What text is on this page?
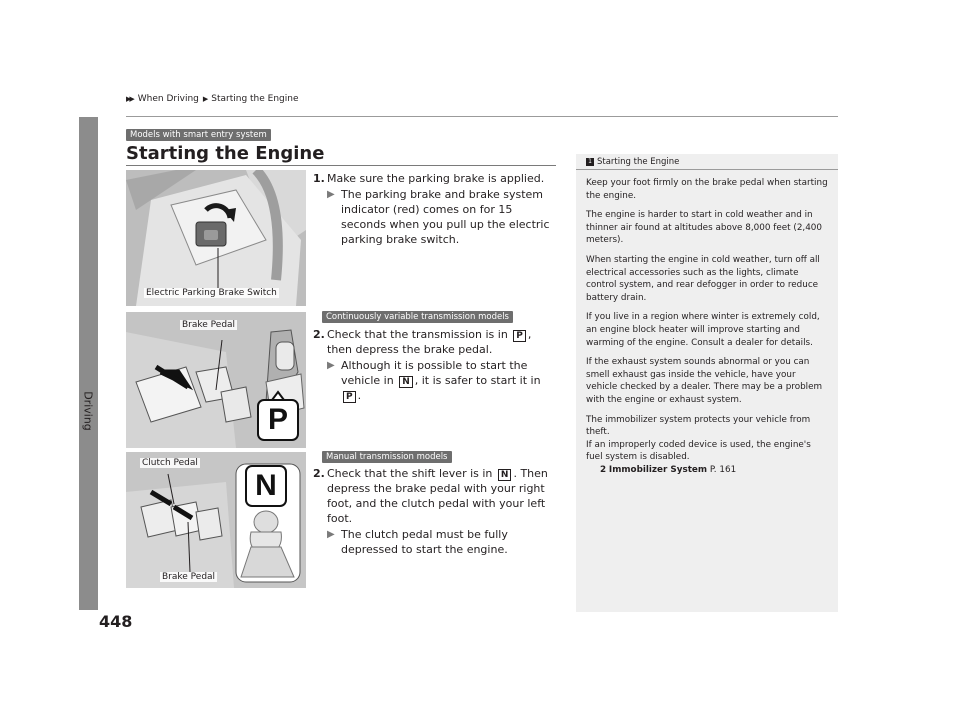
Driving
448
▶▶ When Driving ▶ Starting the Engine
Models with smart entry system
Starting the Engine
Electric Parking Brake Switch
1. Make sure the parking brake is applied.
▶ The parking brake and brake system indicator (red) comes on for 15 seconds when you pull up the electric parking brake switch.
Continuously variable transmission models
Brake Pedal
P
2. Check that the transmission is in P , then depress the brake pedal.
▶ Although it is possible to start the vehicle in N , it is safer to start it in P .
Manual transmission models
Clutch Pedal
Brake Pedal
N	2. Check that the shift lever is in N . Then depress the brake pedal with your right foot, and the clutch pedal with your left foot.
▶ The clutch pedal must be fully depressed to start the engine.
1 Starting the Engine

Keep your foot firmly on the brake pedal when starting the engine.

The engine is harder to start in cold weather and in thinner air found at altitudes above 8,000 feet (2,400 meters).

When starting the engine in cold weather, turn off all electrical accessories such as the lights, climate control system, and rear defogger in order to reduce battery drain.

If you live in a region where winter is extremely cold, an engine block heater will improve starting and warming of the engine. Consult a dealer for details.

If the exhaust system sounds abnormal or you can smell exhaust gas inside the vehicle, have your vehicle checked by a dealer. There may be a problem with the engine or exhaust system.

The immobilizer system protects your vehicle from theft.
If an improperly coded device is used, the engine's fuel system is disabled.

2 Immobilizer System P. 161
